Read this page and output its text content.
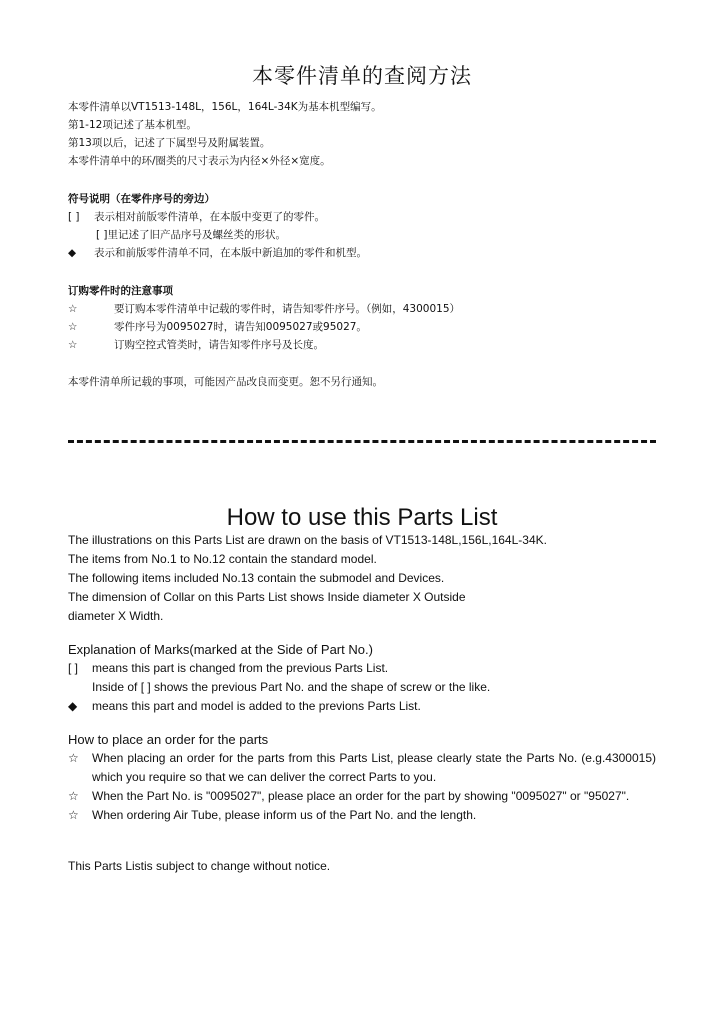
本零件清单的查阅方法
本零件清单以VT1513-148L，156L，164L-34K为基本机型编写。
第1-12项记述了基本机型。
第13项以后，记述了下属型号及附属装置。
本零件清单中的环/圈类的尺寸表示为内径×外径×宽度。
符号说明（在零件序号的旁边）
[ ] 表示相对前版零件清单，在本版中变更了的零件。
[ ]里记述了旧产品序号及螺丝类的形状。
◆ 表示和前版零件清单不同，在本版中新追加的零件和机型。
订购零件时的注意事项
☆	要订购本零件清单中记载的零件时，请告知零件序号。（例如，4300015）
☆	零件序号为0095027时，请告知0095027或95027。
☆	订购空控式管类时，请告知零件序号及长度。
本零件清单所记载的事项，可能因产品改良而变更。恕不另行通知。
How to use this Parts List
The illustrations on this Parts List are drawn on the basis of VT1513-148L,156L,164L-34K.
The items from No.1 to No.12 contain the standard model.
The following items included No.13 contain the submodel and Devices.
The dimension of Collar on this Parts List shows Inside diameter X Outside
diameter X Width.
Explanation of Marks(marked at the Side of Part No.)
[ ]	means this part is changed from the previous Parts List.
Inside of [ ] shows the previous Part No. and the shape of screw or the like.
◆	means this part and model is added to the previons Parts List.
How to place an order for the parts
☆	When placing an order for the parts from this Parts List, please clearly state the Parts No. (e.g.4300015) which you require so that we can deliver the correct Parts to you.
☆	When the Part No. is "0095027", please place an order for the part by showing "0095027" or "95027".
☆	When ordering Air Tube, please inform us of the Part No. and the length.
This Parts Listis subject to change without notice.
